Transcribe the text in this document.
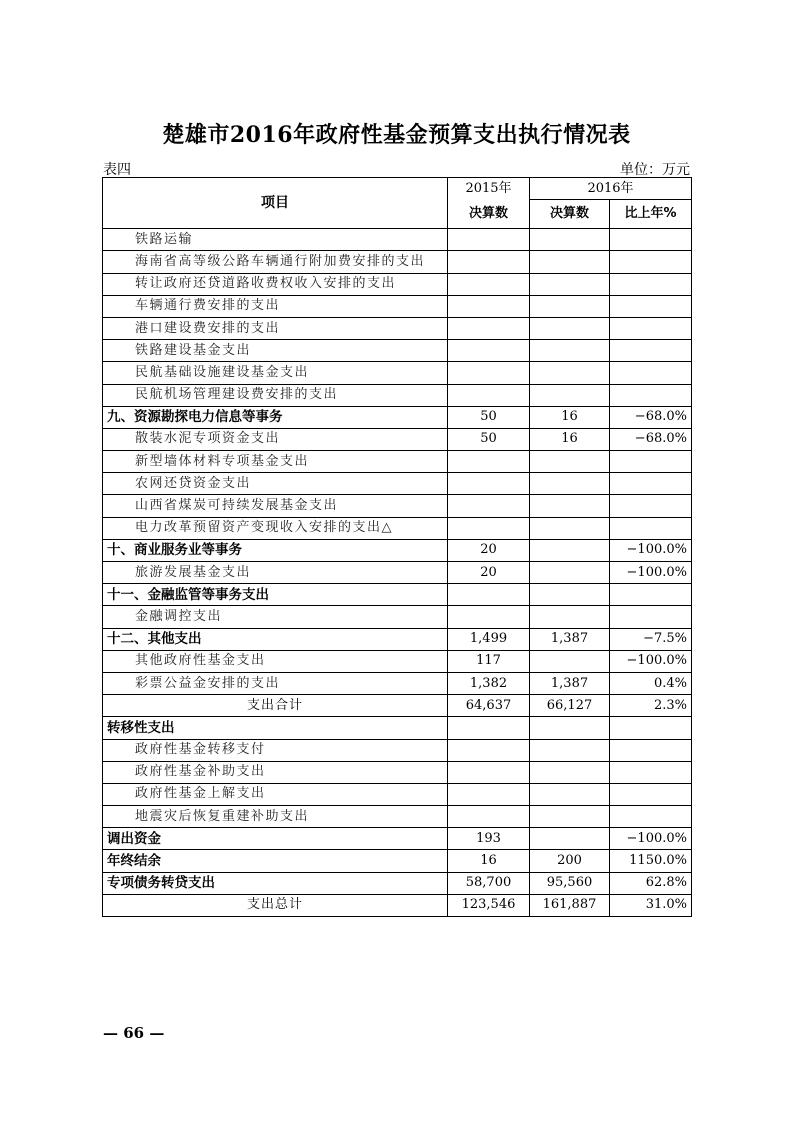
楚雄市2016年政府性基金预算支出执行情况表
表四	单位：万元
项目	2015年	2016年	
	决算数	决算数	比上年%
铁路运输			
海南省高等级公路车辆通行附加费安排的支出			
转让政府还贷道路收费权收入安排的支出			
车辆通行费安排的支出			
港口建设费安排的支出			
铁路建设基金支出			
民航基础设施建设基金支出			
民航机场管理建设费安排的支出			
九、资源勘探电力信息等事务	50	16	−68.0%
散装水泥专项资金支出	50	16	−68.0%
新型墙体材料专项基金支出			
农网还贷资金支出			
山西省煤炭可持续发展基金支出			
电力改革预留资产变现收入安排的支出△			
十、商业服务业等事务	20		−100.0%
旅游发展基金支出	20		−100.0%
十一、金融监管等事务支出			
金融调控支出			
十二、其他支出	1,499	1,387	−7.5%
其他政府性基金支出	117		−100.0%
彩票公益金安排的支出	1,382	1,387	0.4%
支出合计	64,637	66,127	2.3%
转移性支出			
政府性基金转移支付			
政府性基金补助支出			
政府性基金上解支出			
地震灾后恢复重建补助支出			
调出资金	193		−100.0%
年终结余	16	200	1150.0%
专项债务转贷支出	58,700	95,560	62.8%
支出总计	123,546	161,887	31.0%
— 66 —
